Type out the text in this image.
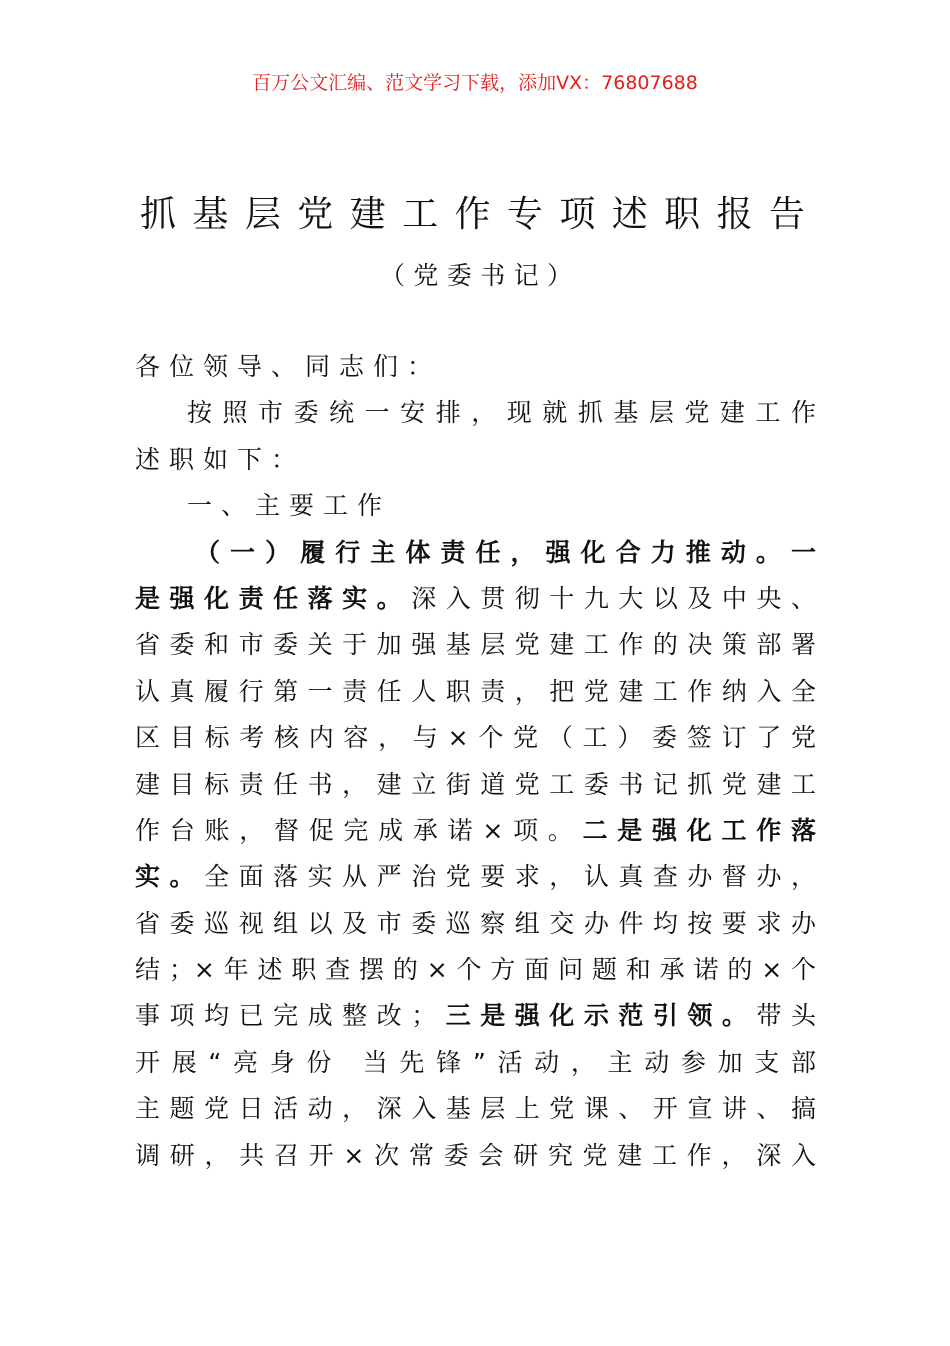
百万公文汇编、范文学习下载，添加VX：76807688
抓基层党建工作专项述职报告
（党委书记）
各位领导、同志们：
按照市委统一安排，现就抓基层党建工作
述职如下：
一、主要工作
（一）履行主体责任，强化合力推动。一
是强化责任落实。深入贯彻十九大以及中央、
省委和市委关于加强基层党建工作的决策部署
认真履行第一责任人职责，把党建工作纳入全
区目标考核内容，与×个党（工）委签订了党
建目标责任书，建立街道党工委书记抓党建工
作台账，督促完成承诺×项。二是强化工作落
实。全面落实从严治党要求，认真查办督办，
省委巡视组以及市委巡察组交办件均按要求办
结；×年述职查摆的×个方面问题和承诺的×个
事项均已完成整改；三是强化示范引领。带头
开展“亮身份 当先锋”活动，主动参加支部
主题党日活动，深入基层上党课、开宣讲、搞
调研，共召开×次常委会研究党建工作，深入
